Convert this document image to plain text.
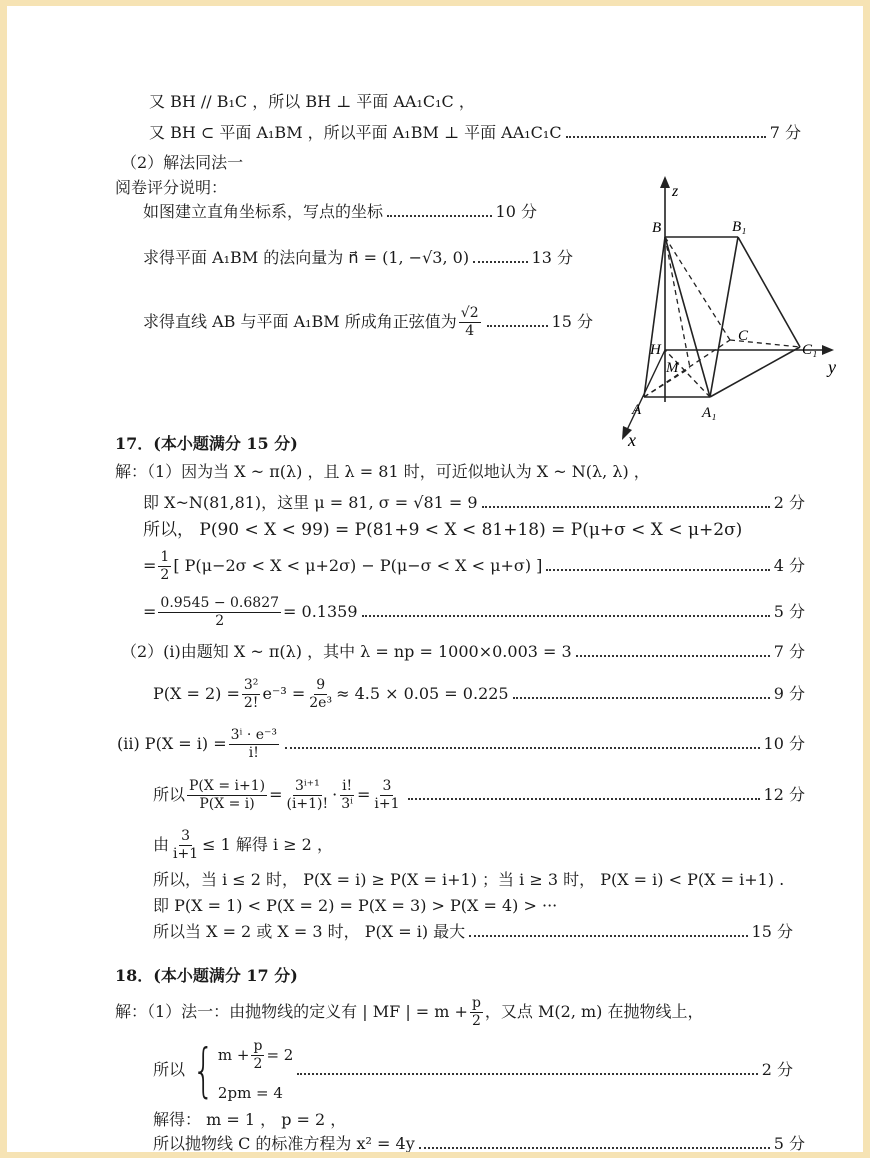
又 BH // B₁C ，所以 BH ⊥ 平面 AA₁C₁C ，
又 BH ⊂ 平面 A₁BM ，所以平面 A₁BM ⊥ 平面 AA₁C₁C	7 分
（2）解法同法一
阅卷评分说明：
如图建立直角坐标系，写点的坐标	10 分
求得平面 A₁BM 的法向量为 n⃗ = (1, −√3, 0)	13 分
求得直线 AB 与平面 A₁BM 所成角正弦值为 $\frac{√2}{4}$	15 分
z
y
x
B	B₁
C
C₁
H
M
A	A₁
17．(本小题满分 15 分)
解：（1）因为当 X ~ π(λ) ，且 λ = 81 时，可近似地认为 X ~ N(λ, λ) ，
即 X~N(81,81)，这里 μ = 81, σ = √81 = 9	2 分
所以， P(90 < X < 99) = P(81+9 < X < 81+18) = P(μ+σ < X < μ+2σ)
= $\frac{1}{2}$ [ P(μ−2σ < X < μ+2σ) − P(μ−σ < X < μ+σ) ]	4 分
= $\frac{0.9545 - 0.6827}{2} = 0.1359$	5 分
（2）(i)由题知 X ~ π(λ) ，其中 λ = np = 1000×0.003 = 3	7 分
$P(X = 2) = \frac{\text{3²}}{2!} e^{-3} = \frac{9}{\text{2e³}} \approx 4.5 \times 0.05 = 0.225$	9 分
(ii) $P(X = i) = \frac{\text{3ⁱ · e⁻³}}{i!}$	10 分
所以 $\frac{P(X = i+1)}{P(X = i)} = \frac{\text{3ⁱ⁺¹}}{(i+1)!} \cdot \frac{i!}{\text{3ⁱ}} = \frac{3}{i+1}$	12 分
由 $\frac{3}{i+1} \le 1$ 解得 i ≥ 2 ，
所以，当 i ≤ 2 时， P(X = i) ≥ P(X = i+1) ；当 i ≥ 3 时， P(X = i) < P(X = i+1) .
即 P(X = 1) < P(X = 2) = P(X = 3) > P(X = 4) > ···
所以当 X = 2 或 X = 3 时， P(X = i) 最大	15 分
18．(本小题满分 17 分)
解：（1）法一：由抛物线的定义有 | MF | = $m + \frac{p}{2}$ ，又点 M(2, m) 在抛物线上，
所以 { $m + \frac{p}{2} = 2$
2pm = 4
2 分
解得： m = 1 ， p = 2 ，
所以抛物线 C 的标准方程为 x² = 4y	5 分
